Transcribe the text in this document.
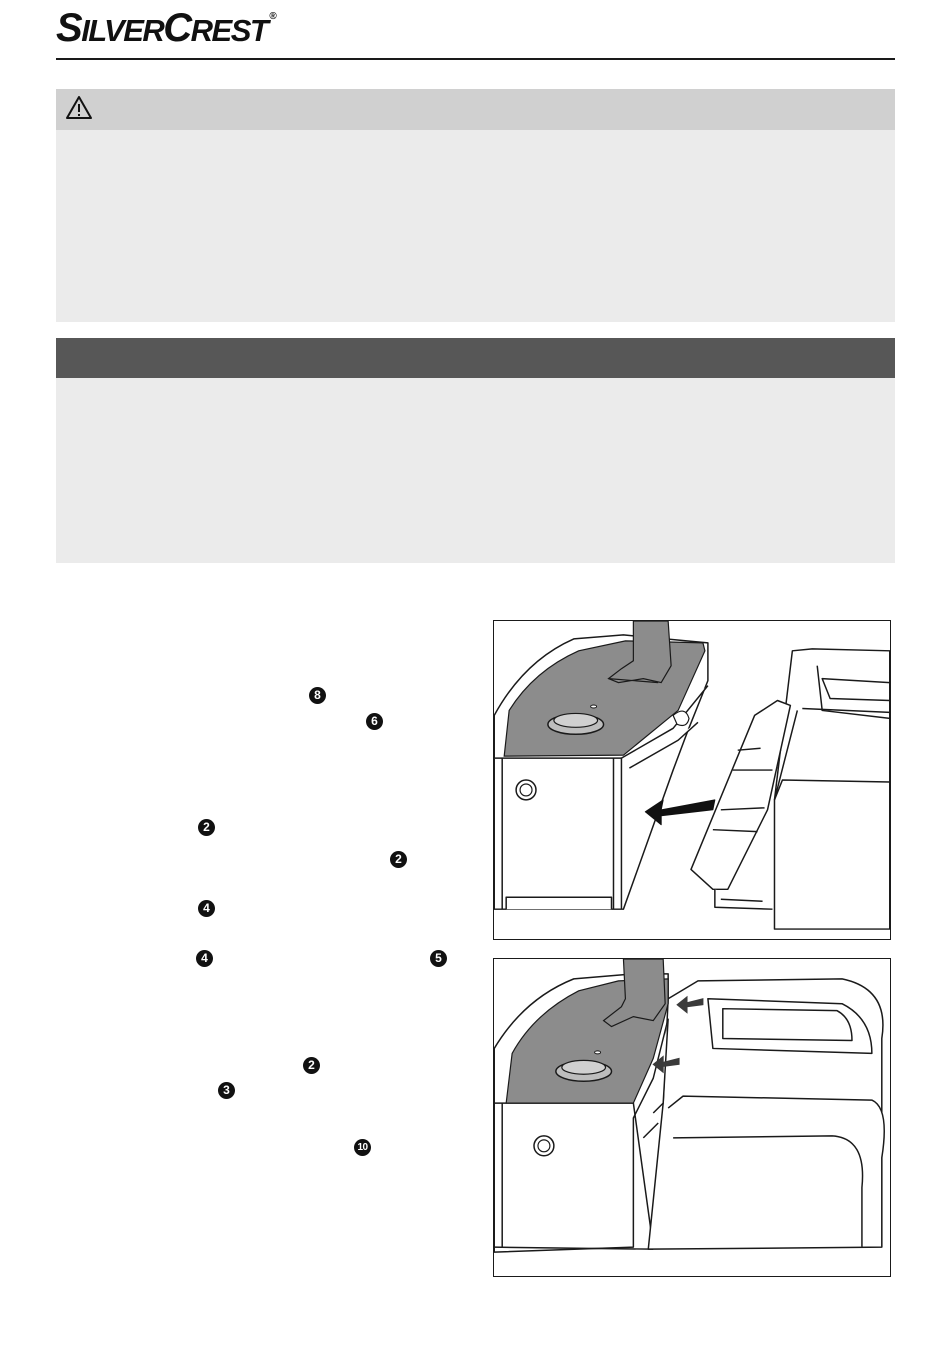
SILVERCREST ®
8
6
2
2
4
4	5
2
3
10
